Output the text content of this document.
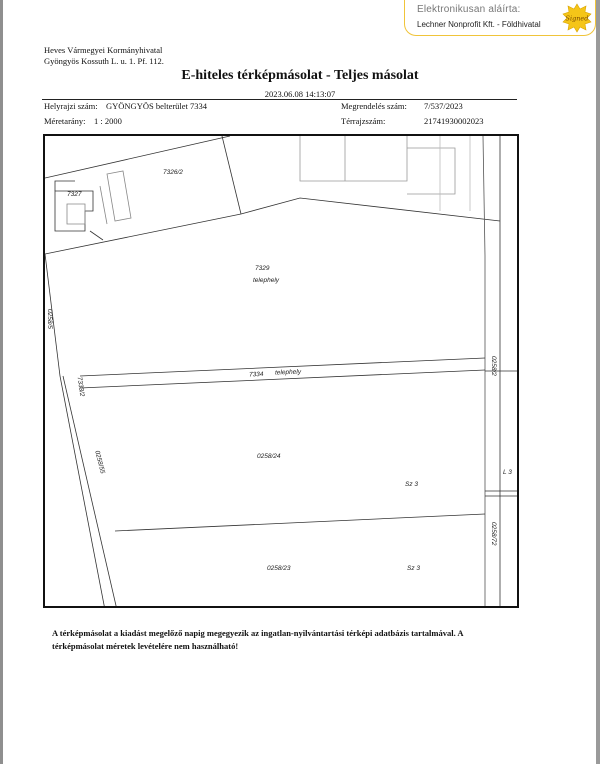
Elektronikusan aláírta:
Lechner Nonprofit Kft. - Földhivatal
Signed
Heves Vármegyei Kormányhivatal
Gyöngyös Kossuth L. u. 1. Pf. 112.
E-hiteles térképmásolat - Teljes másolat
2023.06.08 14:13:07
Helyrajzi szám: GYÖNGYÖS belterület 7334	Megrendelés szám: 7/537/2023
Méretarány: 1 : 2000	Térrajzszám:	21741930002023
7326/2
7327
7329
telephely
7334 telephely
0258/24
Sz 3
0258/23	Sz 3
0258/5
7333/2
0258/55
0258/2
0258/72
L 3
A térképmásolat a kiadást megelőző napig megegyezik az ingatlan-nyilvántartási térképi adatbázis tartalmával. A
térképmásolat méretek levételére nem használható!
